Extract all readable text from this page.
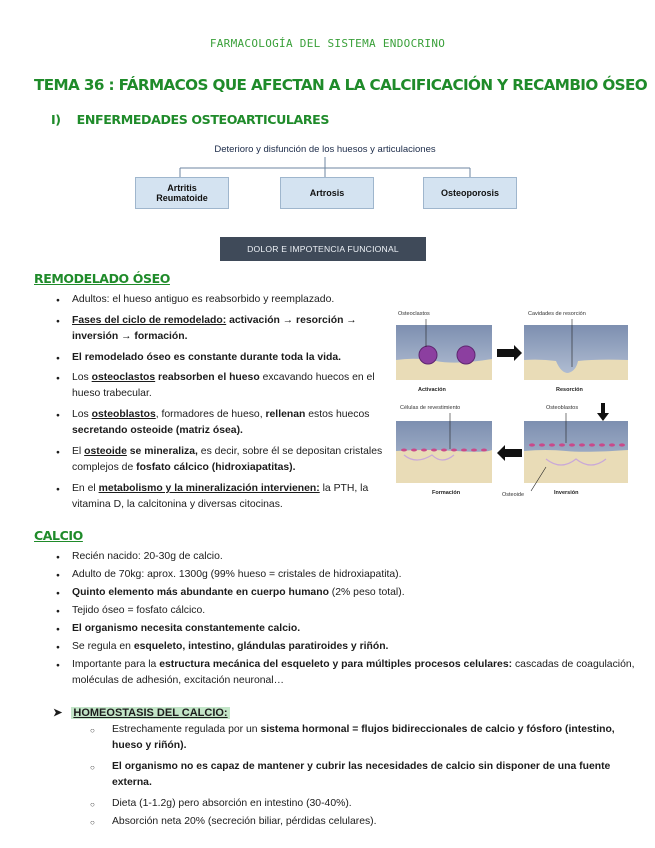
FARMACOLOGÍA DEL SISTEMA ENDOCRINO
TEMA 36 : FÁRMACOS QUE AFECTAN A LA CALCIFICACIÓN Y RECAMBIO ÓSEO
I) ENFERMEDADES OSTEOARTICULARES
Deterioro y disfunción de los huesos y articulaciones
Artritis
Reumatoide
Artrosis	Osteoporosis
DOLOR E IMPOTENCIA FUNCIONAL
REMODELADO ÓSEO
● Adultos: el hueso antiguo es reabsorbido y reemplazado.
● Fases del ciclo de remodelado: activación → resorción → inversión → formación.
● El remodelado óseo es constante durante toda la vida.
● Los osteoclastos reabsorben el hueso excavando huecos en el hueso trabecular.
● Los osteoblastos, formadores de hueso, rellenan estos huecos secretando osteoide (matriz ósea).
● El osteoide se mineraliza, es decir, sobre él se depositan cristales complejos de fosfato cálcico (hidroxiapatitas).
● En el metabolismo y la mineralización intervienen: la PTH, la vitamina D, la calcitonina y diversas citocinas.
Osteoclastos	Cavidades de resorción
Activación	Resorción
Células de revestimiento	Osteoblastos
Formación	Osteoide	Inversión
CALCIO
● Recién nacido: 20-30g de calcio.
● Adulto de 70kg: aprox. 1300g (99% hueso = cristales de hidroxiapatita).
● Quinto elemento más abundante en cuerpo humano (2% peso total).
● Tejido óseo = fosfato cálcico.
● El organismo necesita constantemente calcio.
● Se regula en esqueleto, intestino, glándulas paratiroides y riñón.
● Importante para la estructura mecánica del esqueleto y para múltiples procesos celulares: cascadas de coagulación, moléculas de adhesión, excitación neuronal…
➤ HOMEOSTASIS DEL CALCIO:
○ Estrechamente regulada por un sistema hormonal = flujos bidireccionales de calcio y fósforo (intestino, hueso y riñón).
○ El organismo no es capaz de mantener y cubrir las necesidades de calcio sin disponer de una fuente externa.
○ Dieta (1-1.2g) pero absorción en intestino (30-40%).
○ Absorción neta 20% (secreción biliar, pérdidas celulares).
